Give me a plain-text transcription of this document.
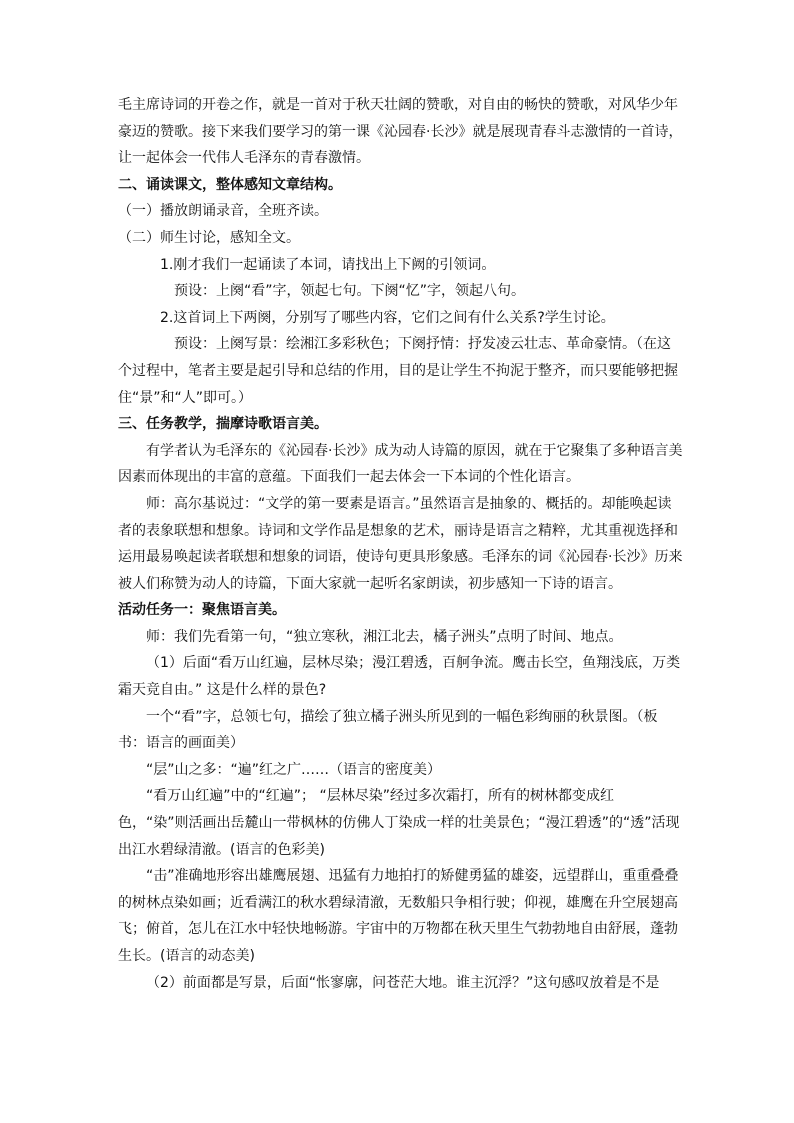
毛主席诗词的开卷之作，就是一首对于秋天壮阔的赞歌，对自由的畅快的赞歌，对风华少年豪迈的赞歌。接下来我们要学习的第一课《沁园春·长沙》就是展现青春斗志激情的一首诗，让一起体会一代伟人毛泽东的青春激情。

二、诵读课文，整体感知文章结构。

（一）播放朗诵录音，全班齐读。

（二）师生讨论，感知全文。

1.刚才我们一起诵读了本词，请找出上下阙的引领词。

预设：上阕“看”字，领起七句。下阕“忆”字，领起八句。

2.这首词上下两阕，分别写了哪些内容，它们之间有什么关系?学生讨论。

预设：上阕写景：绘湘江多彩秋色；下阕抒情：抒发凌云壮志、革命豪情。（在这个过程中，笔者主要是起引导和总结的作用，目的是让学生不拘泥于整齐，而只要能够把握住“景”和“人”即可。）

三、任务教学，揣摩诗歌语言美。

有学者认为毛泽东的《沁园春·长沙》成为动人诗篇的原因，就在于它聚集了多种语言美因素而体现出的丰富的意蕴。下面我们一起去体会一下本词的个性化语言。

师：高尔基说过：“文学的第一要素是语言。”虽然语言是抽象的、概括的。却能唤起读者的表象联想和想象。诗词和文学作品是想象的艺术，丽诗是语言之精粹，尤其重视选择和运用最易唤起读者联想和想象的词语，使诗句更具形象感。毛泽东的词《沁园春·长沙》历来被人们称赞为动人的诗篇，下面大家就一起听名家朗读，初步感知一下诗的语言。

活动任务一：聚焦语言美。

师：我们先看第一句，“独立寒秋，湘江北去，橘子洲头”点明了时间、地点。

（1）后面“看万山红遍，层林尽染；漫江碧透，百舸争流。鹰击长空，鱼翔浅底，万类霜天竞自由。” 这是什么样的景色?

一个“看”字，总领七句，描绘了独立橘子洲头所见到的一幅色彩绚丽的秋景图。（板书：语言的画面美）

“层”山之多：“遍”红之广……（语言的密度美）

“看万山红遍”中的“红遍”； “层林尽染”经过多次霜打，所有的树林都变成红色，“染”则活画出岳麓山一带枫林的仿佛人丁染成一样的壮美景色；“漫江碧透”的“透”活现出江水碧绿清澈。(语言的色彩美)

“击”准确地形容出雄鹰展翅、迅猛有力地拍打的矫健勇猛的雄姿，远望群山，重重叠叠的树林点染如画；近看满江的秋水碧绿清澈，无数船只争相行驶；仰视，雄鹰在升空展翅高飞；俯首，怎儿在江水中轻快地畅游。宇宙中的万物都在秋天里生气勃勃地自由舒展，蓬勃生长。(语言的动态美)

（2）前面都是写景，后面“怅寥廓，问苍茫大地。谁主沉浮？”这句感叹放着是不是
